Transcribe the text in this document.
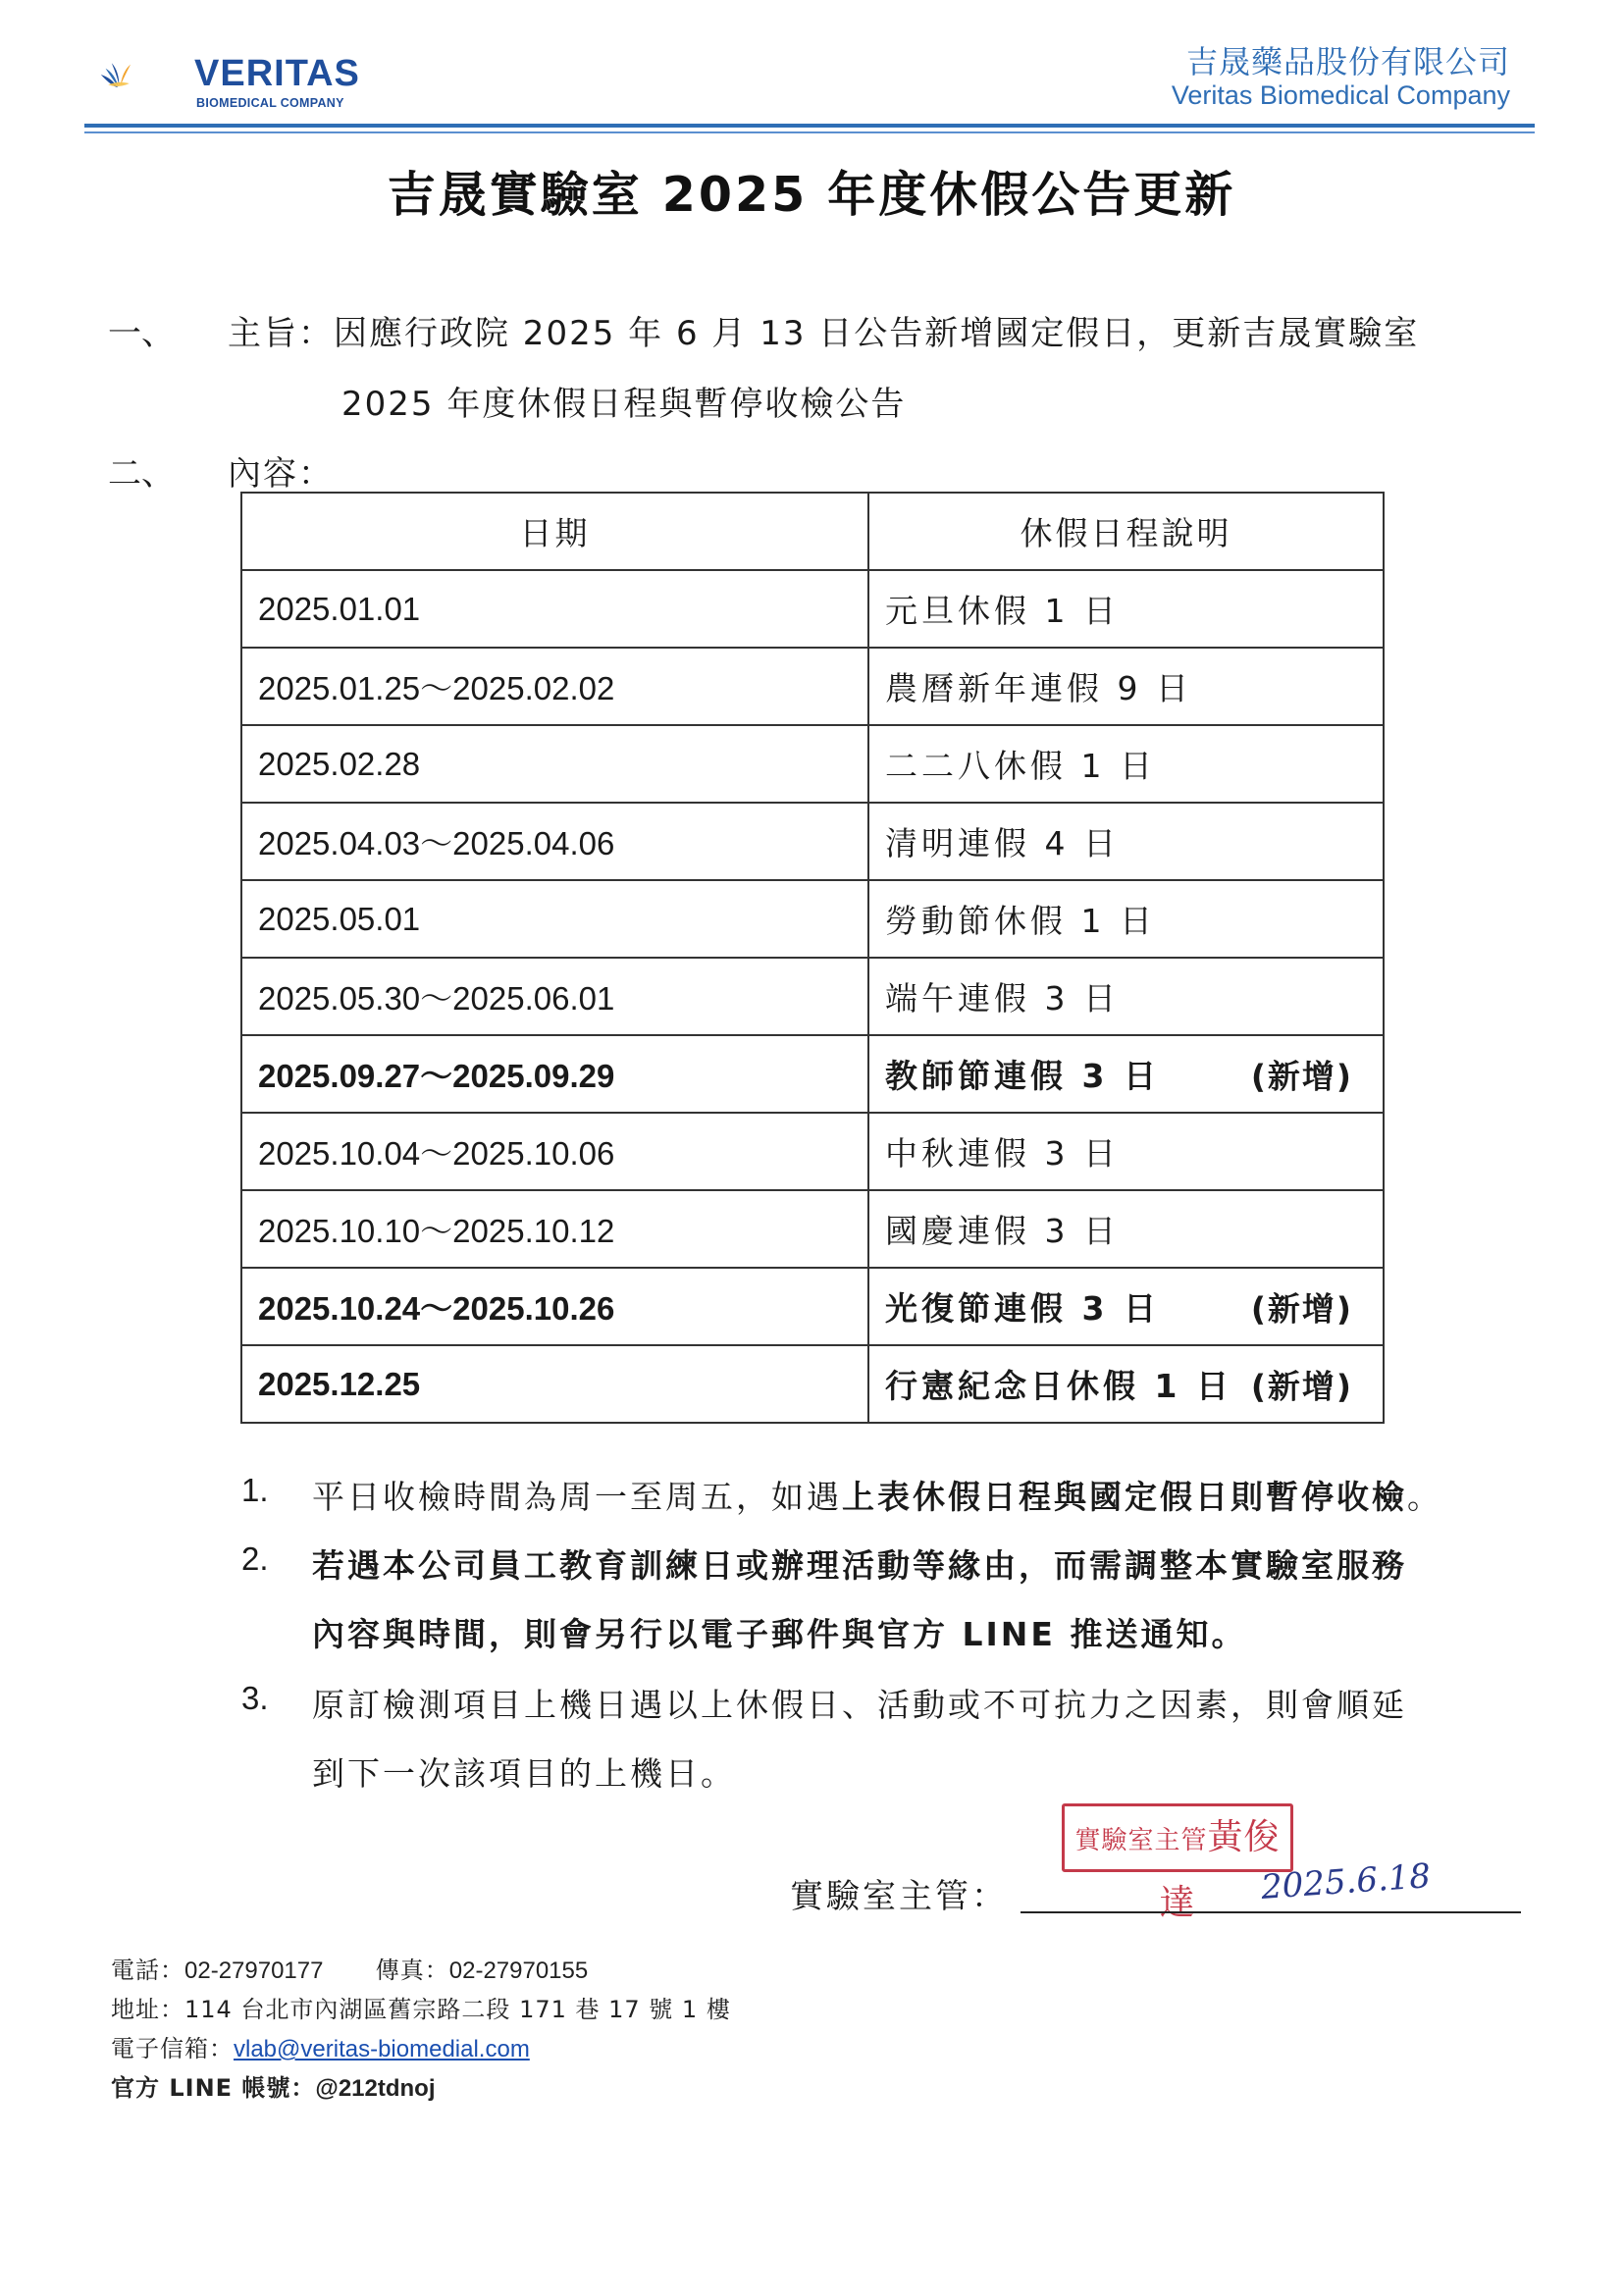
VERITAS
BIOMEDICAL COMPANY
吉晟藥品股份有限公司
Veritas Biomedical Company
吉晟實驗室 2025 年度休假公告更新
一、 主旨：因應行政院 2025 年 6 月 13 日公告新增國定假日，更新吉晟實驗室
2025 年度休假日程與暫停收檢公告
二、 內容：
日期	休假日程說明
2025.01.01	元旦休假 1 日
2025.01.25～2025.02.02	農曆新年連假 9 日
2025.02.28	二二八休假 1 日
2025.04.03～2025.04.06	清明連假 4 日
2025.05.01	勞動節休假 1 日
2025.05.30～2025.06.01	端午連假 3 日
2025.09.27～2025.09.29	教師節連假 3 日 (新增)

2025.10.04～2025.10.06	中秋連假 3 日
2025.10.10～2025.10.12	國慶連假 3 日
2025.10.24～2025.10.26	光復節連假 3 日 (新增)

2025.12.25	行憲紀念日休假 1 日 (新增)
1. 平日收檢時間為周一至周五，如遇上表休假日程與國定假日則暫停收檢。
2. 若遇本公司員工教育訓練日或辦理活動等緣由，而需調整本實驗室服務
內容與時間，則會另行以電子郵件與官方 LINE 推送通知。
3. 原訂檢測項目上機日遇以上休假日、活動或不可抗力之因素，則會順延
到下一次該項目的上機日。
實驗室主管黃俊達
實驗室主管：	2025.6.18
電話：02-27970177 傳真：02-27970155
地址：114 台北市內湖區舊宗路二段 171 巷 17 號 1 樓
電子信箱：vlab@veritas-biomedial.com
官方 LINE 帳號：@212tdnoj
